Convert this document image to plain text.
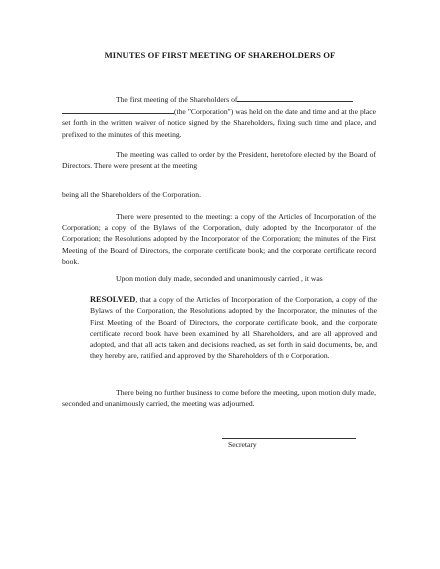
MINUTES OF FIRST MEETING OF SHAREHOLDERS OF
The first meeting of the Shareholders of
(the "Corporation") was held on the date and time and at the place set forth in the written waiver of notice signed by the Shareholders, fixing such time and place, and prefixed to the minutes of this meeting.
The meeting was called to order by the President, heretofore elected by the Board of Directors. There were present at the meeting
being all the Shareholders of the Corporation.
There were presented to the meeting: a copy of the Articles of Incorporation of the Corporation; a copy of the Bylaws of the Corporation, duly adopted by the Incorporator of the Corporation; the Resolutions adopted by the Incorporator of the Corporation; the minutes of the First Meeting of the Board of Directors, the corporate certificate book; and the corporate certificate record book.
Upon motion duly made, seconded and unanimously carried , it was
RESOLVED, that a copy of the Articles of Incorporation of the Corporation, a copy of the Bylaws of the Corporation, the Resolutions adopted by the Incorporator, the minutes of the First Meeting of the Board of Directors, the corporate certificate book, and the corporate certificate record book have been examined by all Shareholders, and are all approved and adopted, and that all acts taken and decisions reached, as set forth in said documents, be, and they hereby are, ratified and approved by the Shareholders of th e Corporation.
There being no further business to come before the meeting, upon motion duly made, seconded and unanimously carried, the meeting was adjourned.
Secretary
